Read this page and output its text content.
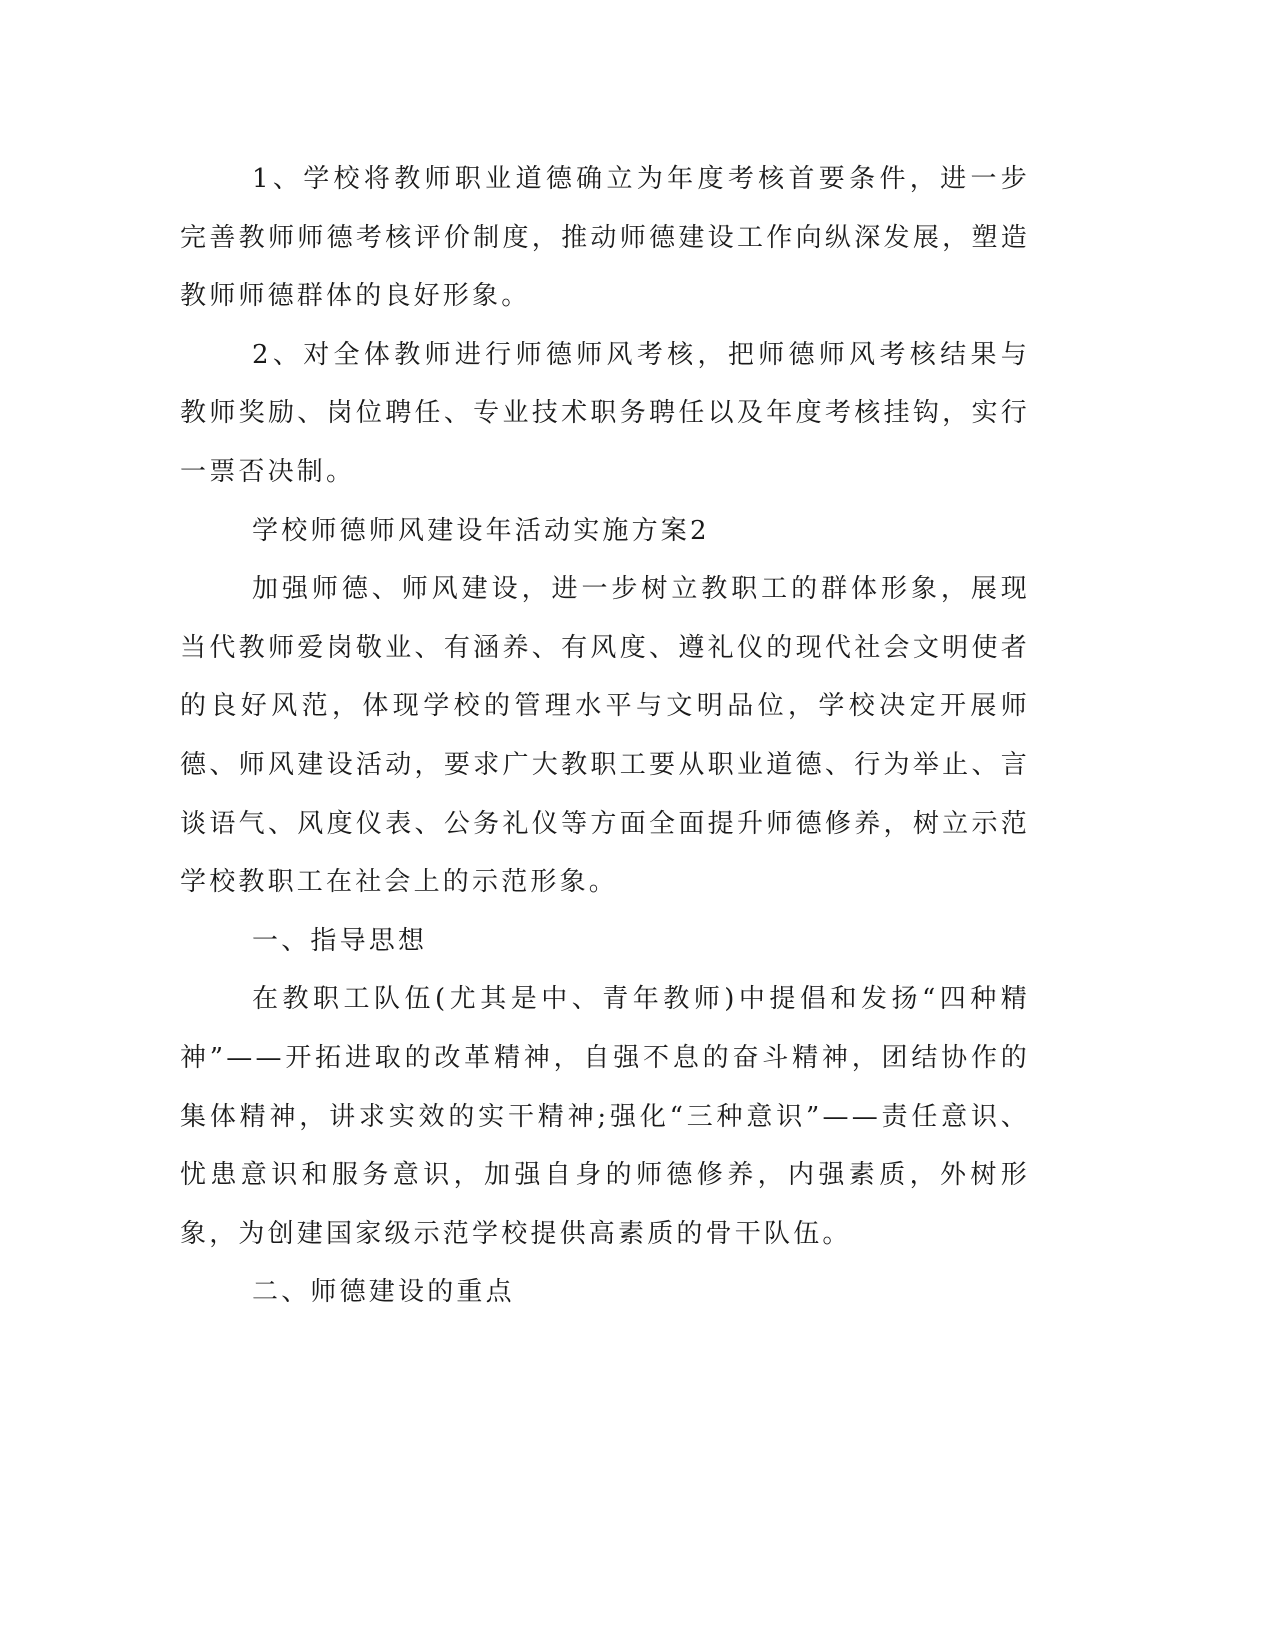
1、学校将教师职业道德确立为年度考核首要条件，进一步完善教师师德考核评价制度，推动师德建设工作向纵深发展，塑造教师师德群体的良好形象。

2、对全体教师进行师德师风考核，把师德师风考核结果与教师奖励、岗位聘任、专业技术职务聘任以及年度考核挂钩，实行一票否决制。

学校师德师风建设年活动实施方案2

加强师德、师风建设，进一步树立教职工的群体形象，展现当代教师爱岗敬业、有涵养、有风度、遵礼仪的现代社会文明使者的良好风范，体现学校的管理水平与文明品位，学校决定开展师德、师风建设活动，要求广大教职工要从职业道德、行为举止、言谈语气、风度仪表、公务礼仪等方面全面提升师德修养，树立示范学校教职工在社会上的示范形象。

一、指导思想

在教职工队伍(尤其是中、青年教师)中提倡和发扬“四种精神”——开拓进取的改革精神，自强不息的奋斗精神，团结协作的集体精神，讲求实效的实干精神;强化“三种意识”——责任意识、忧患意识和服务意识，加强自身的师德修养，内强素质，外树形象，为创建国家级示范学校提供高素质的骨干队伍。

二、师德建设的重点
